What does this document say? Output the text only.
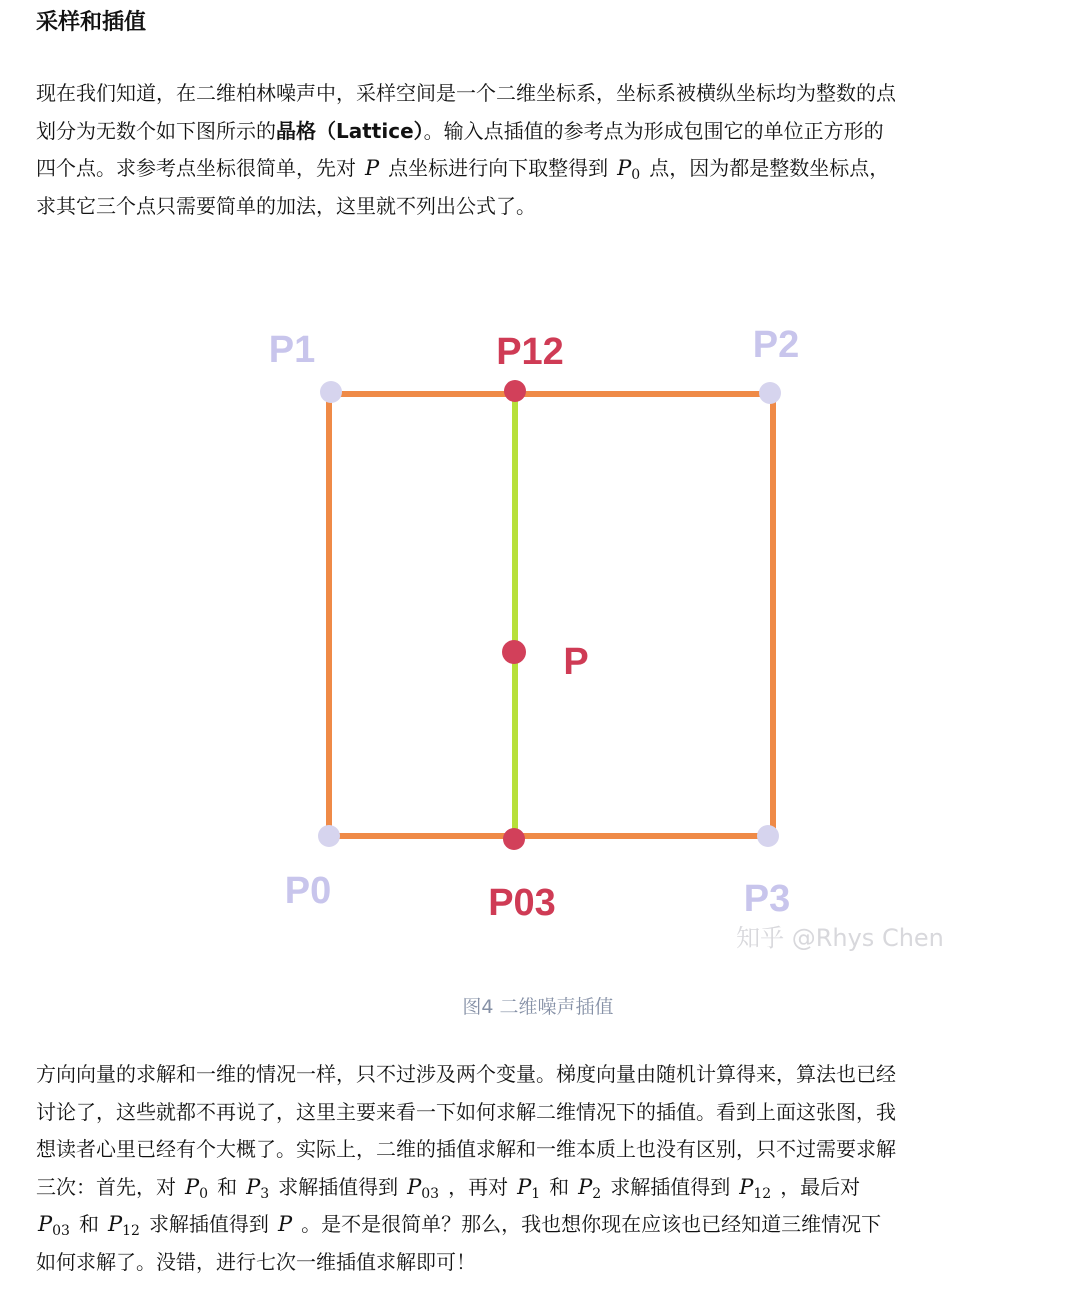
采样和插值

现在我们知道，在二维柏林噪声中，采样空间是一个二维坐标系，坐标系被横纵坐标均为整数的点

划分为无数个如下图所示的晶格（Lattice）。输入点插值的参考点为形成包围它的单位正方形的

四个点。求参考点坐标很简单，先对 P 点坐标进行向下取整得到 $P_0$ 点，因为都是整数坐标点，

求其它三个点只需要简单的加法，这里就不列出公式了。

P1	P12	P2
P
P0	P03	P3
知乎 @Rhys Chen
图4 二维噪声插值

方向向量的求解和一维的情况一样，只不过涉及两个变量。梯度向量由随机计算得来，算法也已经

讨论了，这些就都不再说了，这里主要来看一下如何求解二维情况下的插值。看到上面这张图，我

想读者心里已经有个大概了。实际上，二维的插值求解和一维本质上也没有区别，只不过需要求解

三次：首先，对 $P_0$ 和 $P_3$ 求解插值得到 $P_{03}$ ，再对 $P_1$ 和 $P_2$ 求解插值得到 $P_{12}$ ，最后对

$P_{03}$ 和 $P_{12}$ 求解插值得到 P 。是不是很简单？那么，我也想你现在应该也已经知道三维情况下

如何求解了。没错，进行七次一维插值求解即可！
